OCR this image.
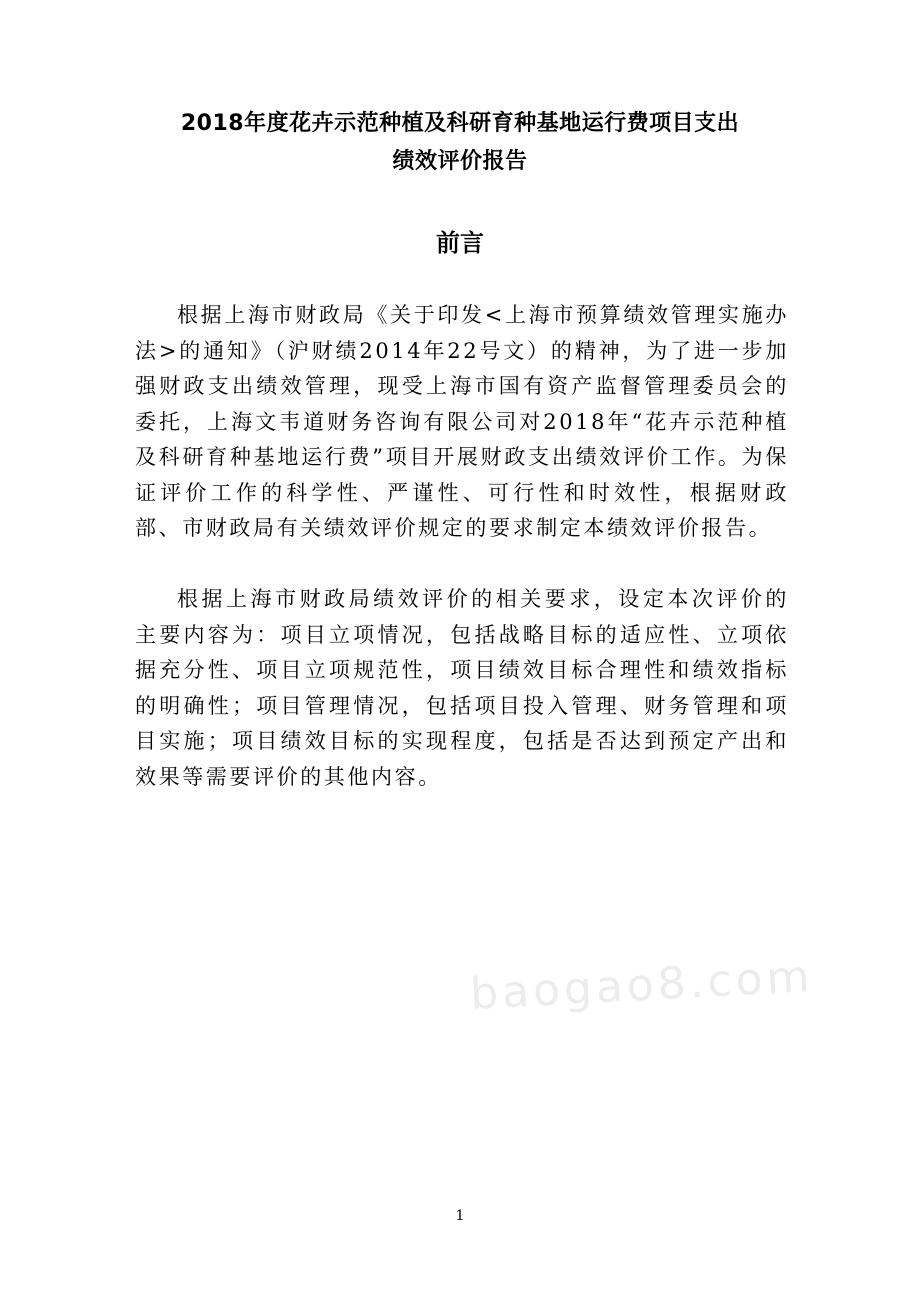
2018年度花卉示范种植及科研育种基地运行费项目支出
绩效评价报告
前言

根据上海市财政局《关于印发<上海市预算绩效管理实施办法>的通知》（沪财绩2014年22号文）的精神，为了进一步加强财政支出绩效管理，现受上海市国有资产监督管理委员会的委托，上海文韦道财务咨询有限公司对2018年“花卉示范种植及科研育种基地运行费”项目开展财政支出绩效评价工作。为保证评价工作的科学性、严谨性、可行性和时效性，根据财政部、市财政局有关绩效评价规定的要求制定本绩效评价报告。

根据上海市财政局绩效评价的相关要求，设定本次评价的主要内容为：项目立项情况，包括战略目标的适应性、立项依据充分性、项目立项规范性，项目绩效目标合理性和绩效指标的明确性；项目管理情况，包括项目投入管理、财务管理和项目实施；项目绩效目标的实现程度，包括是否达到预定产出和效果等需要评价的其他内容。

baogao8.com
1
